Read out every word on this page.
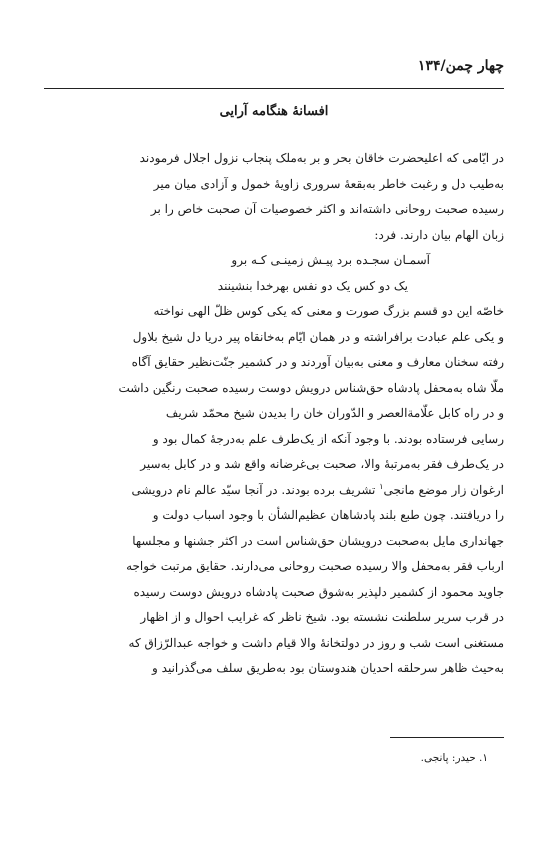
چهار چمن/۱۳۴
افسانهٔ هنگامه آرایی
در ایّامی که اعلیحضرت خاقان بحر و بر به‌ملک پنجاب نزول اجلال فرمودند
به‌طیب دل و رغبت خاطر به‌بقعهٔ سروری زاویهٔ خمول و آزادی میان میر
رسیده صحبت روحانی داشته‌اند و اکثر خصوصیات آن صحبت خاص را بر
زبان الهام بیان دارند. فرد:
آسمـان سجـده برد پیـش زمینـی کـه برو
یک دو کس یک دو نفس بهرخدا بنشینند
خاصّه این دو قسم بزرگ صورت و معنی که یکی کوس ظلّ الهی نواخته
و یکی علم عبادت برافراشته و در همان ایّام به‌خانقاه پیر دریا دل شیخ بلاول
رفته سخنان معارف و معنی به‌بیان آوردند و در کشمیر جنّت‌نظیر حقایق آگاه
ملّا شاه به‌محفل پادشاه حق‌شناس درویش دوست رسیده صحبت رنگین داشت
و در راه کابل علّامةالعصر و الدّوران خان را بدیدن شیخ محمّد شریف
رسایی فرستاده بودند. با وجود آنکه از یک‌طرف علم به‌درجهٔ کمال بود و
در یک‌طرف فقر به‌مرتبهٔ والا، صحبت بی‌غرضانه واقع شد و در کابل به‌سیر
ارغوان زار موضع مانجی$^۱$ تشریف برده بودند. در آنجا سیّد عالم نام درویشی
را دریافتند. چون طبع بلند پادشاهان عظیم‌الشأن با وجود اسباب دولت و
جهانداری مایل به‌صحبت درویشان حق‌شناس است در اکثر جشنها و مجلسها
ارباب فقر به‌محفل والا رسیده صحبت روحانی می‌دارند. حقایق مرتبت خواجه
جاوید محمود از کشمیر دلپذیر به‌شوق صحبت پادشاه درویش دوست رسیده
در قرب سریر سلطنت نشسته بود. شیخ ناظر که غرایب احوال و از اظهار
مستغنی است شب و روز در دولتخانهٔ والا قیام داشت و خواجه عبدالرّزاق که
به‌حیث ظاهر سرحلقه احدیان هندوستان بود به‌طریق سلف می‌گذرانید و
۱. حیدر: پانجی.
